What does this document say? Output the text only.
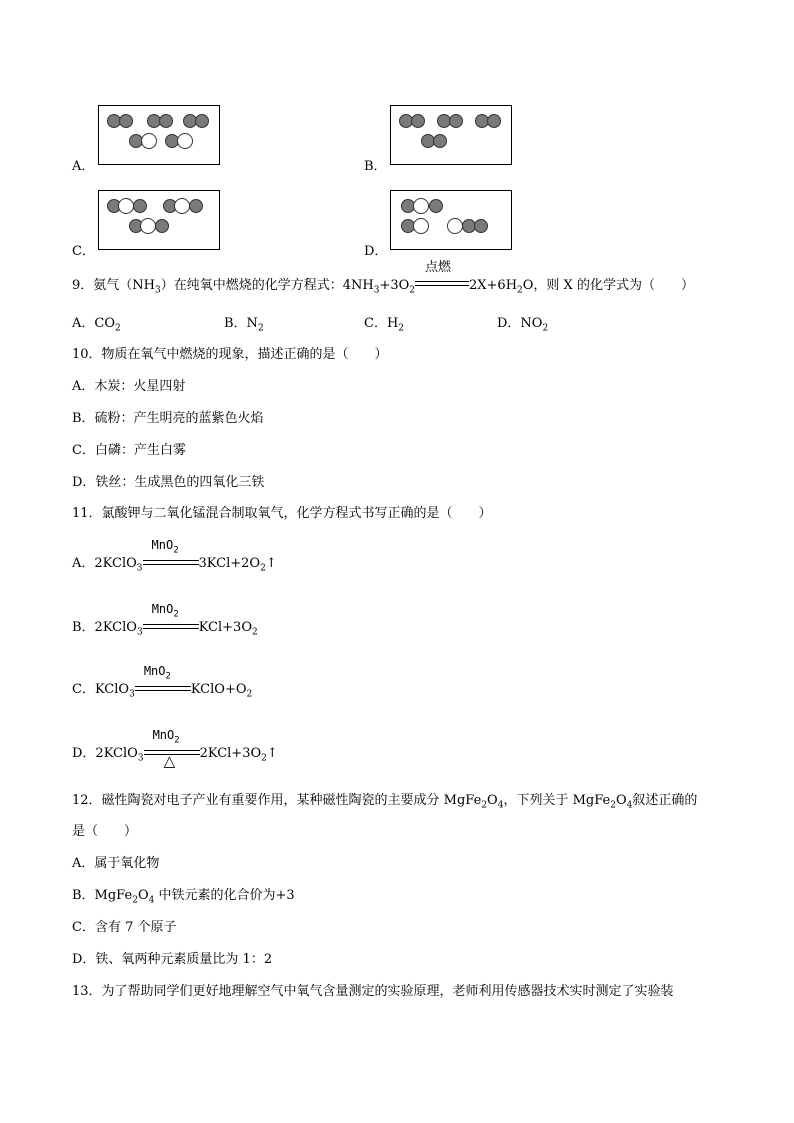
A．	B．
C．	D．
9．氨气$(NH_3)$在纯氧中燃烧的化学方程式：$4NH_3+3O_2$
点燃
$2X+6H_2O$，则 X 的化学式为（　　）
A．$CO_2$	B．$N_2$	C．$H_2$	D．$NO_2$
10．物质在氧气中燃烧的现象，描述正确的是（　　）
A．木炭：火星四射
B．硫粉：产生明亮的蓝紫色火焰
C．白磷：产生白雾
D．铁丝：生成黑色的四氧化三铁
11．氯酸钾与二氧化锰混合制取氧气，化学方程式书写正确的是（　　）
A．2KClO$_3$
MnO$_2$
$3KCl+2O_2↑$
B．2KClO$_3$
MnO$_2$
$KCl+3O_2$
C．KClO$_3$
MnO$_2$
$KClO+O_2$
D．2KClO$_3$
MnO$_2$
△ $2KCl+3O_2↑$
12．磁性陶瓷对电子产业有重要作用，某种磁性陶瓷的主要成分 $MgFe_2O_4$，下列关于 $MgFe_2O_4$叙述正确的
是（　　）
A．属于氧化物
B．$MgFe_2O_4$ 中铁元素的化合价为+3
C．含有 7 个原子
D．铁、氧两种元素质量比为 1：2
13．为了帮助同学们更好地理解空气中氧气含量测定的实验原理，老师利用传感器技术实时测定了实验装
